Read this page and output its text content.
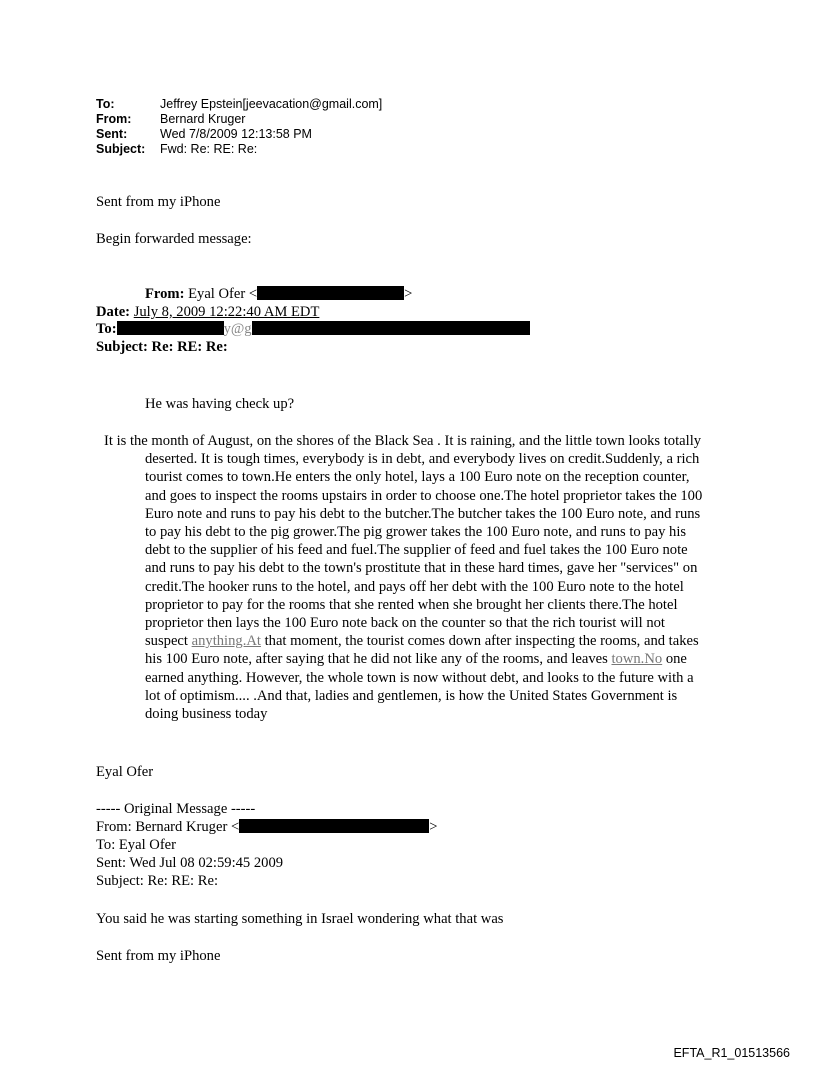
To:	Jeffrey Epstein[jeevacation@gmail.com]
From:	Bernard Kruger
Sent:	Wed 7/8/2009 12:13:58 PM
Subject:	Fwd: Re: RE: Re:
Sent from my iPhone
Begin forwarded message:
From: Eyal Ofer <	>
Date: July 8, 2009 12:22:40 AM EDT
To:	y@g
Subject: Re: RE: Re:
He was having check up?
It is the month of August, on the shores of the Black Sea . It is raining, and the little town looks totally deserted. It is tough times, everybody is in debt, and everybody lives on credit.Suddenly, a rich tourist comes to town.He enters the only hotel, lays a 100 Euro note on the reception counter, and goes to inspect the rooms upstairs in order to choose one.The hotel proprietor takes the 100 Euro note and runs to pay his debt to the butcher.The butcher takes the 100 Euro note, and runs to pay his debt to the pig grower.The pig grower takes the 100 Euro note, and runs to pay his debt to the supplier of his feed and fuel.The supplier of feed and fuel takes the 100 Euro note and runs to pay his debt to the town's prostitute that in these hard times, gave her "services" on credit.The hooker runs to the hotel, and pays off her debt with the 100 Euro note to the hotel proprietor to pay for the rooms that she rented when she brought her clients there.The hotel proprietor then lays the 100 Euro note back on the counter so that the rich tourist will not suspect anything.At that moment, the tourist comes down after inspecting the rooms, and takes his 100 Euro note, after saying that he did not like any of the rooms, and leaves town.No one earned anything. However, the whole town is now without debt, and looks to the future with a lot of optimism.... .And that, ladies and gentlemen, is how the United States Government is doing business today
Eyal Ofer
----- Original Message -----
From: Bernard Kruger <	>
To: Eyal Ofer
Sent: Wed Jul 08 02:59:45 2009
Subject: Re: RE: Re:
You said he was starting something in Israel wondering what that was
Sent from my iPhone
EFTA_R1_01513566
